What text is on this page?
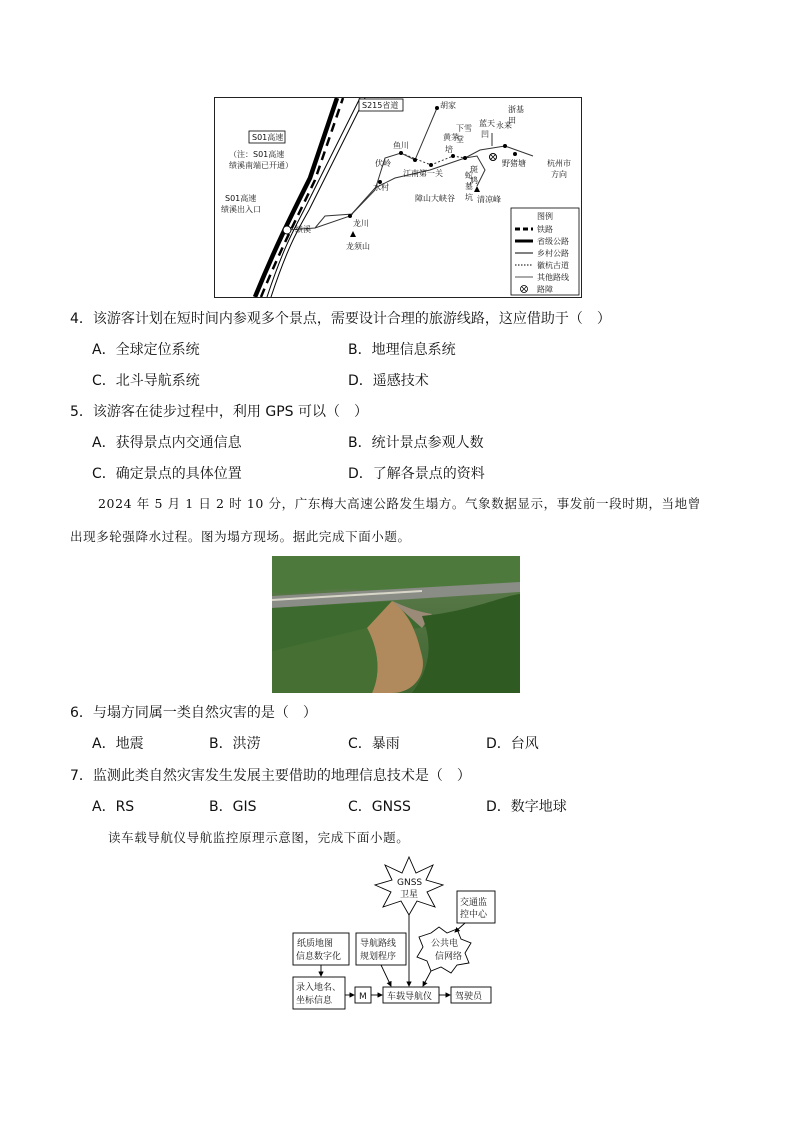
S01高速
（注：S01高速
绩溪南端已开通）
S01高速
绩溪出入口
S215省道	胡家
鱼川
伏岭
江南第一关
黄茅
培
下雪
堂
蓝天
凹
永来
浙基
田
野猪塘	杭州市
方向
斑
鸠
蛇
墓
坑 清凉峰
水村
障山大峡谷
绩溪
龙川
龙须山
图例
铁路
省级公路
乡村公路
徽杭古道
其他路线
路障
4．该游客计划在短时间内参观多个景点，需要设计合理的旅游线路，这应借助于（　）
A．全球定位系统	B．地理信息系统
C．北斗导航系统	D．遥感技术
5．该游客在徒步过程中，利用 GPS 可以（　）
A．获得景点内交通信息	B．统计景点参观人数
C．确定景点的具体位置	D．了解各景点的资料
2024 年 5 月 1 日 2 时 10 分，广东梅大高速公路发生塌方。气象数据显示，事发前一段时期，当地曾
出现多轮强降水过程。图为塌方现场。据此完成下面小题。
6．与塌方同属一类自然灾害的是（　）
A．地震	B．洪涝	C．暴雨	D．台风
7．监测此类自然灾害发生发展主要借助的地理信息技术是（　）
A．RS	B．GIS	C．GNSS	D．数字地球
读车载导航仪导航监控原理示意图，完成下面小题。
GNSS
卫星
交通监
控中心
公共电
信网络
纸质地图
信息数字化
导航路线
规划程序
录入地名、
坐标信息	M 车载导航仪	驾驶员
